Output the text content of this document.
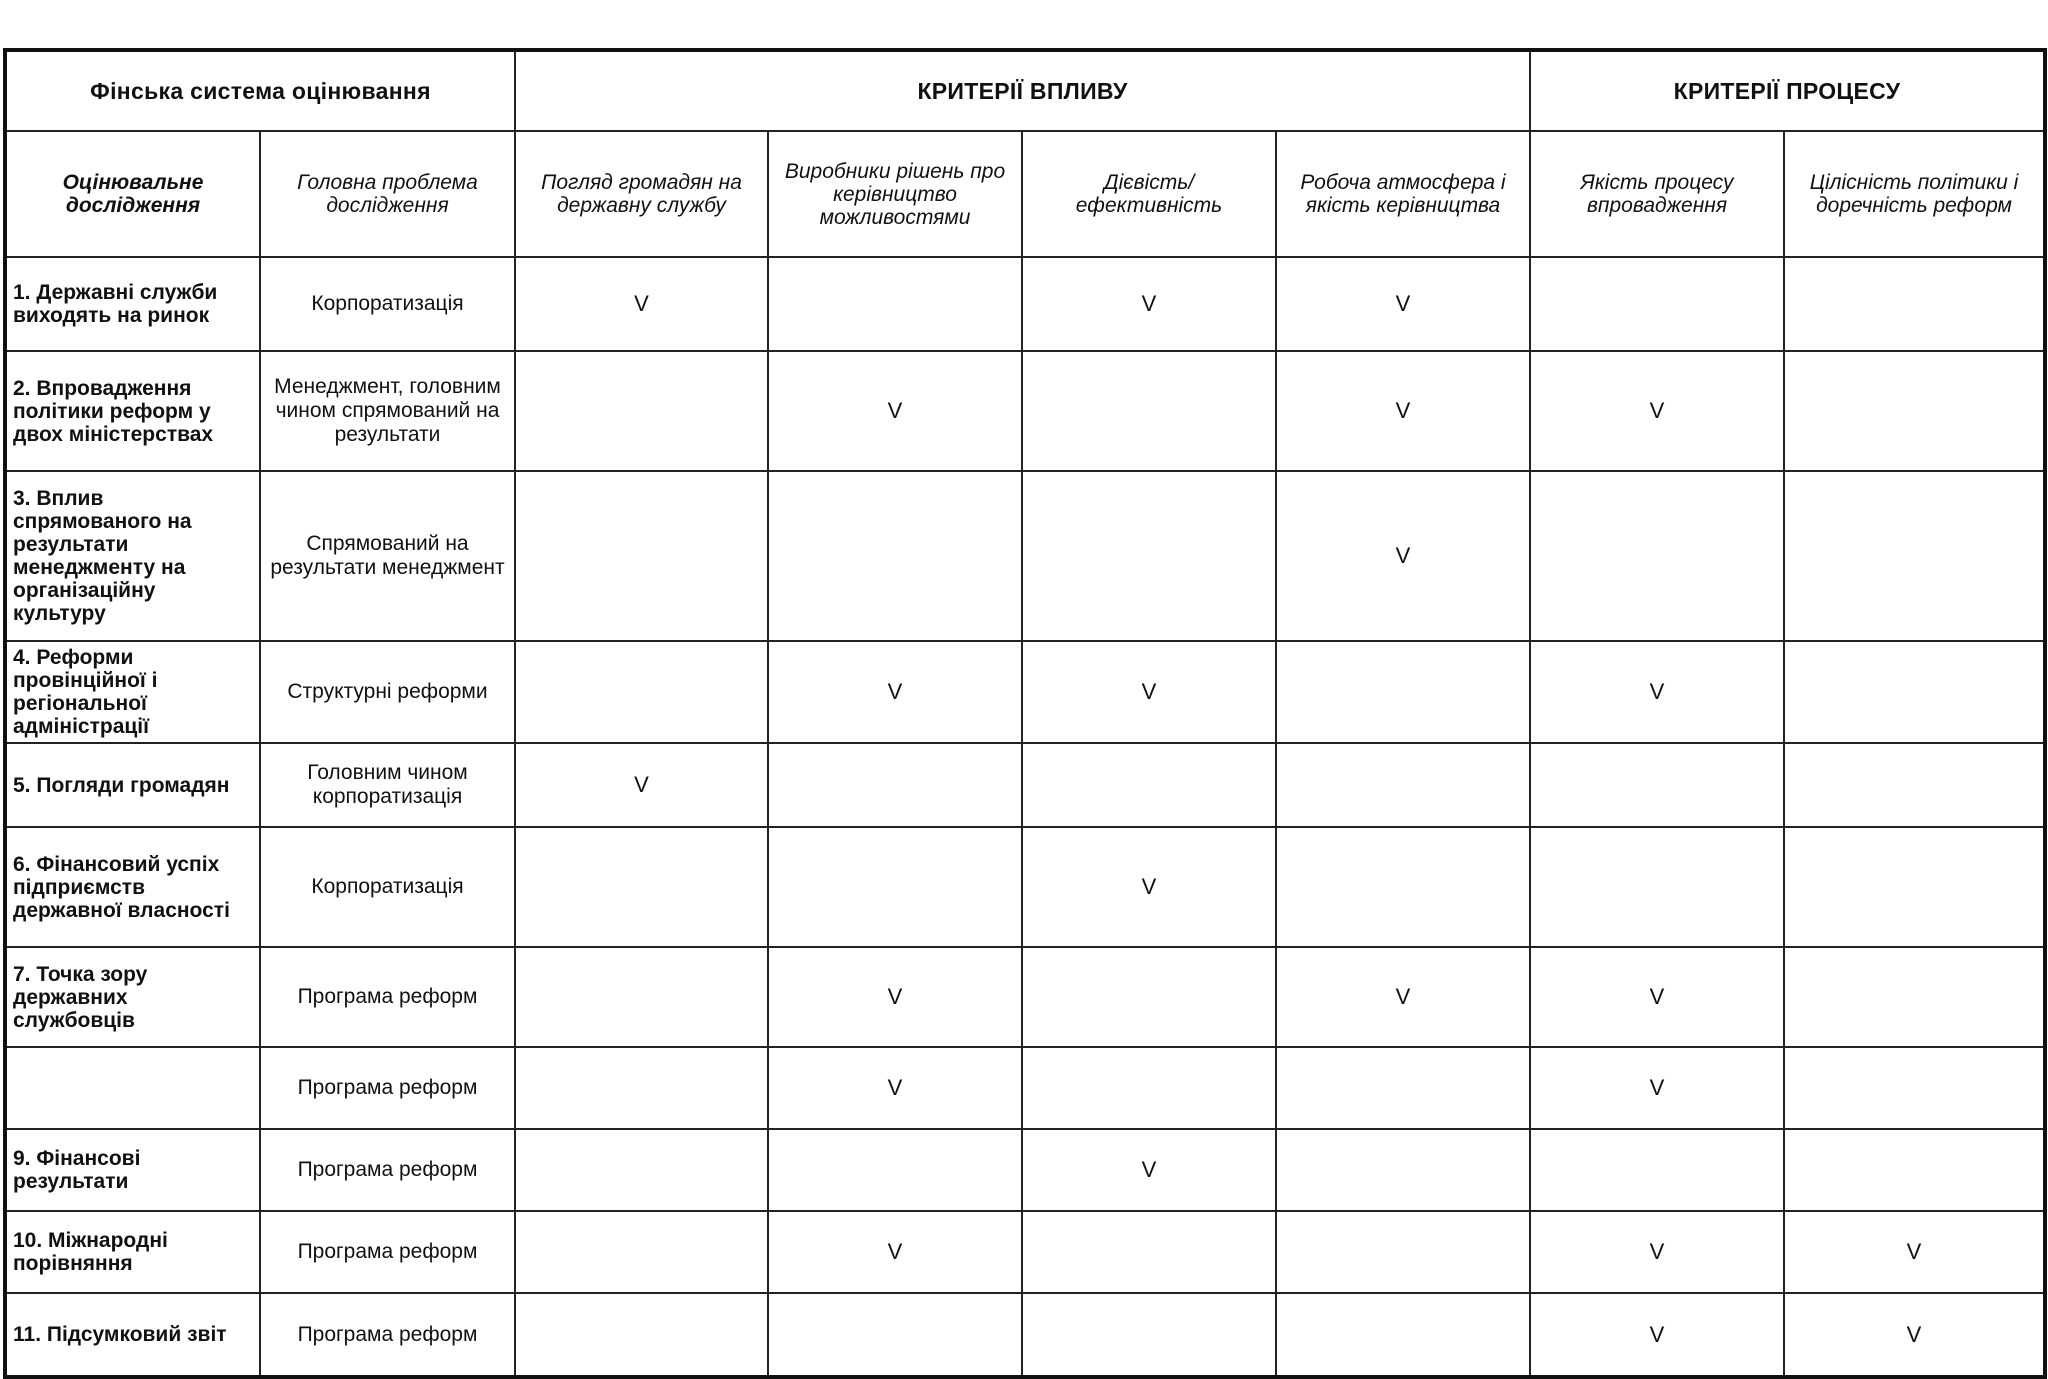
Фінська система оцінювання		КРИТЕРІЇ ВПЛИВУ				КРИТЕРІЇ ПРОЦЕСУ	
Оцінювальне дослідження	Головна проблема дослідження	Погляд громадян на державну службу	Виробники рішень про керівництво можливостями	Дієвість/ ефективність	Робоча атмосфера і якість керівництва	Якість процесу впровадження	Цілісність політики і доречність реформ
1. Державні служби виходять на ринок	Корпоратизація	V		V	V		
2. Впровадження політики реформ у двох міністерствах	Менеджмент, головним чином спрямований на результати		V		V	V	
3. Вплив спрямованого на результати менеджменту на організаційну культуру	Спрямований на результати менеджмент				V		
4. Реформи провінційної і регіональної адміністрації	Структурні реформи		V	V		V	
5. Погляди громадян	Головним чином корпоратизація	V					
6. Фінансовий успіх підприємств державної власності	Корпоратизація			V			
7. Точка зору державних службовців	Програма реформ		V		V	V	
	Програма реформ		V			V	
9. Фінансові результати	Програма реформ			V			
10. Міжнародні порівняння	Програма реформ		V			V	V
11. Підсумковий звіт	Програма реформ					V	V
